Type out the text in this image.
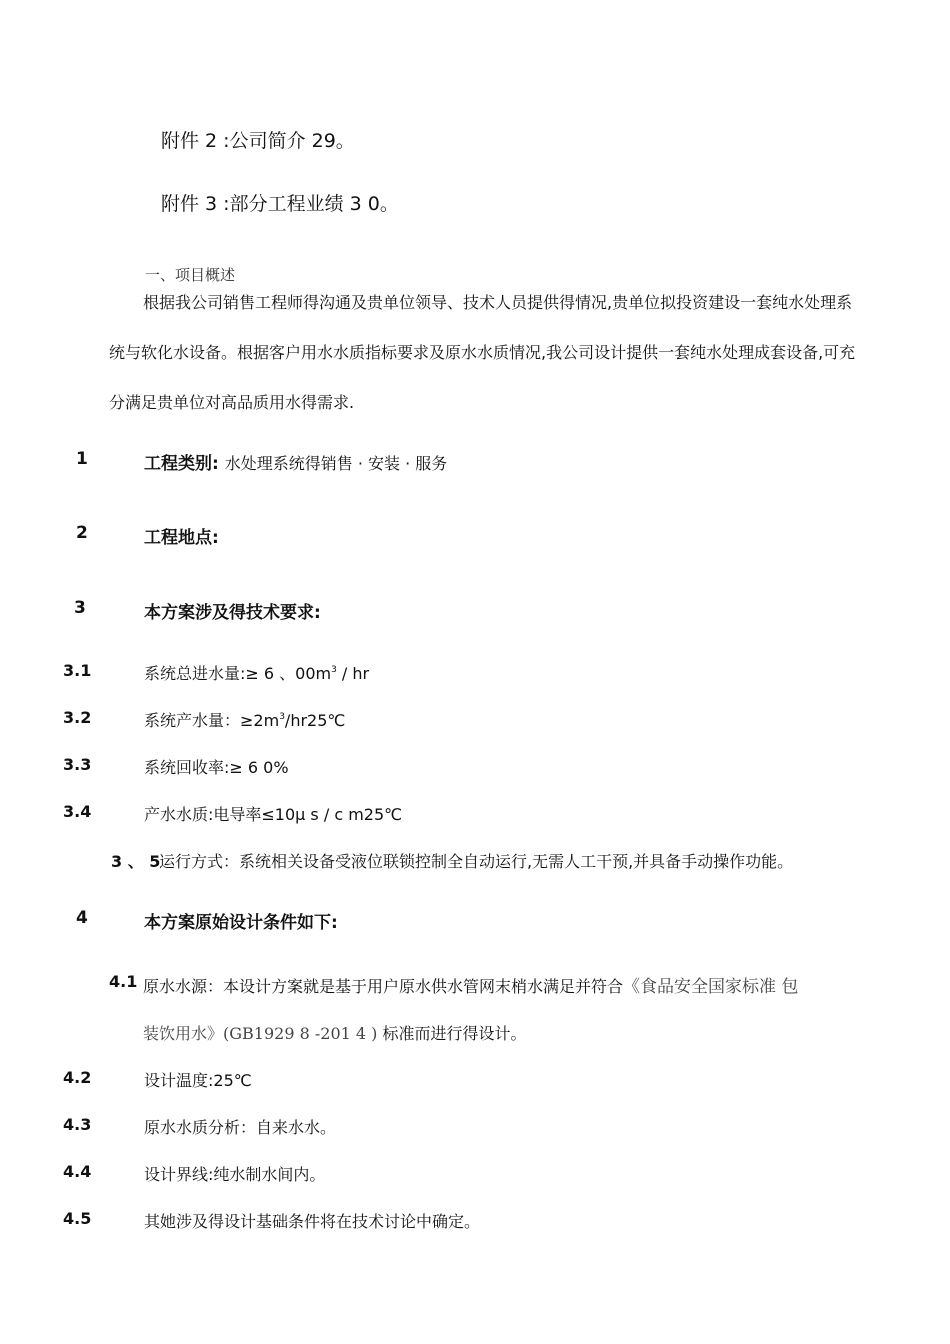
附件 2 :公司简介 29。
附件 3 :部分工程业绩 3 0。
一、项目概述
根据我公司销售工程师得沟通及贵单位领导、技术人员提供得情况,贵单位拟投资建设一套纯水处理系
统与软化水设备。根据客户用水水质指标要求及原水水质情况,我公司设计提供一套纯水处理成套设备,可充
分满足贵单位对高品质用水得需求.
1	工程类别: 水处理系统得销售 · 安装 · 服务
2	工程地点:
3	本方案涉及得技术要求:
3.1	系统总进水量:≥ 6 、$00m^3$ / hr
3.2	系统产水量：$\ge 2m^3/hr25℃$
3.3	系统回收率:≥ 6 0%
3.4	产水水质:电导率≤10μ s / c m25℃
3 、 5
运行方式：系统相关设备受液位联锁控制全自动运行,无需人工干预,并具备手动操作功能。
4	本方案原始设计条件如下:
4.1 原水水源：本设计方案就是基于用户原水供水管网末梢水满足并符合《食品安全国家标准 包
装饮用水》(GB1929 8 -201 4 ) 标准而进行得设计。
4.2	设计温度:25℃
4.3	原水水质分析：自来水水。
4.4	设计界线:纯水制水间内。
4.5	其她涉及得设计基础条件将在技术讨论中确定。
